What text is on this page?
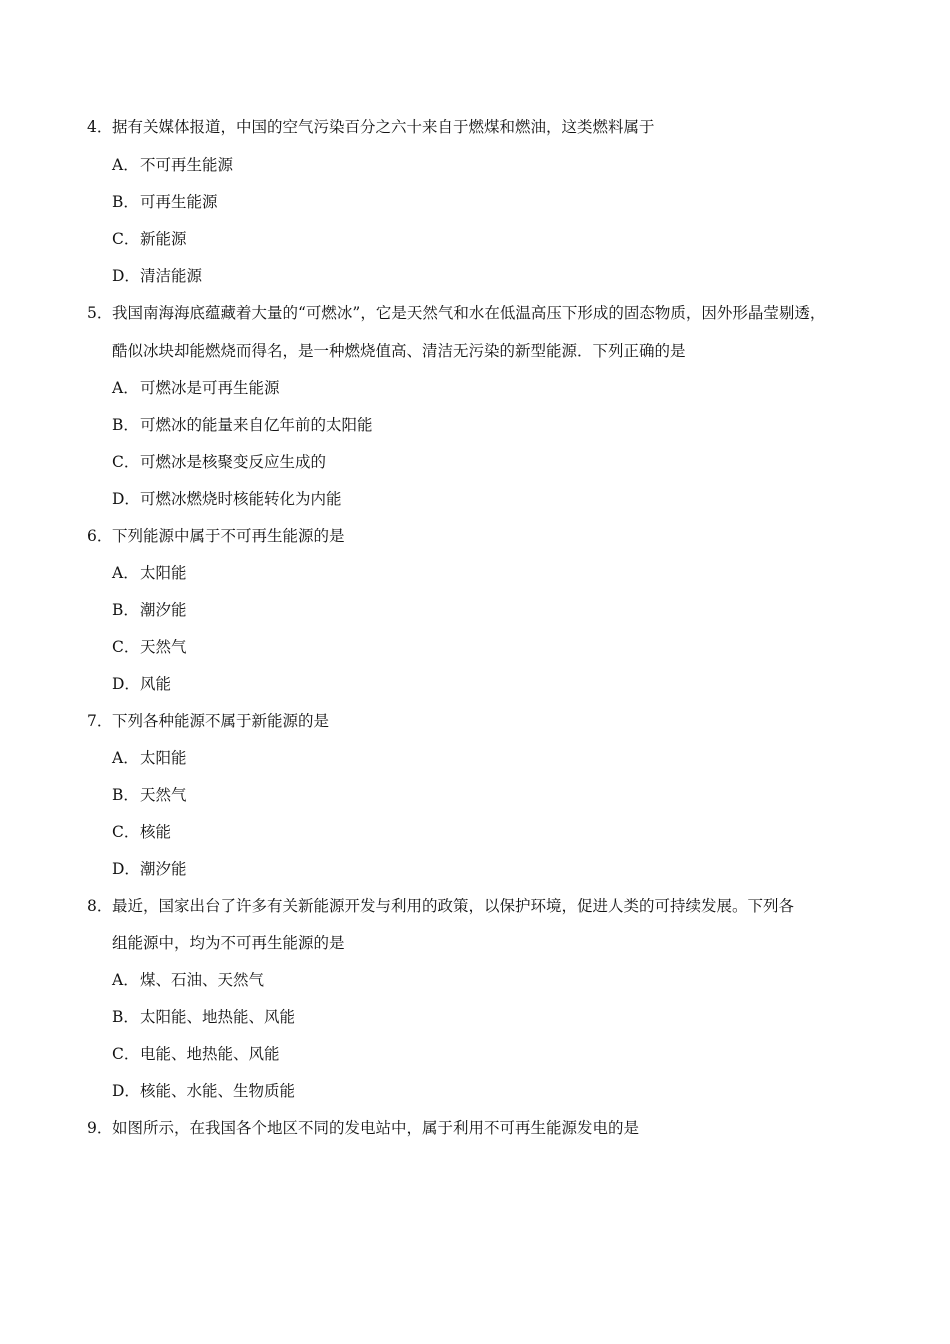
4． 据有关媒体报道，中国的空气污染百分之六十来自于燃煤和燃油，这类燃料属于
A．不可再生能源
B．可再生能源
C．新能源
D．清洁能源
5． 我国南海海底蕴藏着大量的“可燃冰”，它是天然气和水在低温高压下形成的固态物质，因外形晶莹剔透，
酷似冰块却能燃烧而得名，是一种燃烧值高、清洁无污染的新型能源．下列正确的是
A．可燃冰是可再生能源
B．可燃冰的能量来自亿年前的太阳能
C．可燃冰是核聚变反应生成的
D．可燃冰燃烧时核能转化为内能
6． 下列能源中属于不可再生能源的是
A．太阳能
B．潮汐能
C．天然气
D．风能
7． 下列各种能源不属于新能源的是
A．太阳能
B．天然气
C．核能
D．潮汐能
8． 最近，国家出台了许多有关新能源开发与利用的政策，以保护环境，促进人类的可持续发展。下列各
组能源中，均为不可再生能源的是
A．煤、石油、天然气
B．太阳能、地热能、风能
C．电能、地热能、风能
D．核能、水能、生物质能
9． 如图所示，在我国各个地区不同的发电站中，属于利用不可再生能源发电的是
